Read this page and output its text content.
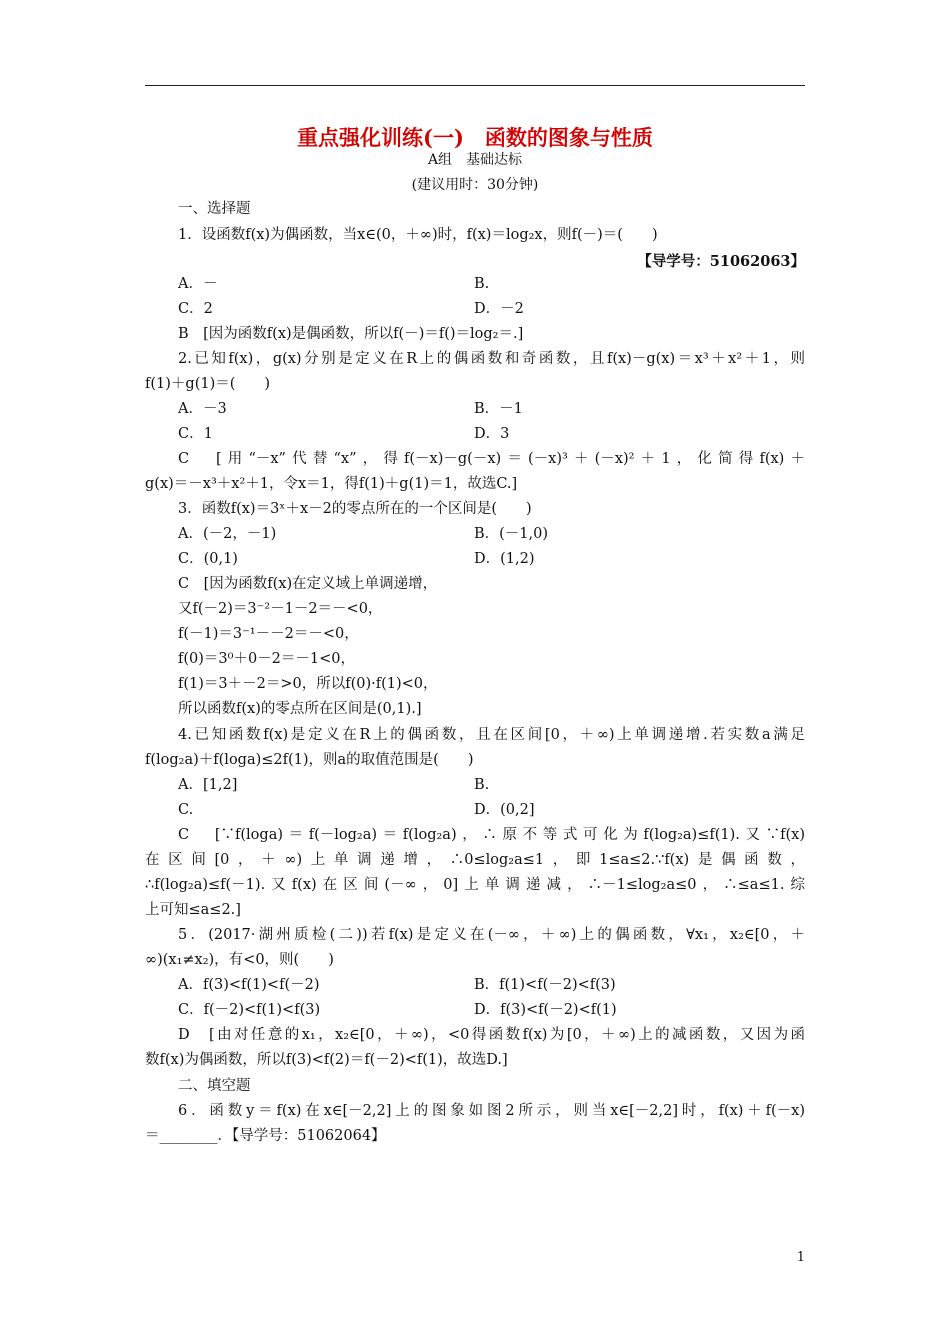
重点强化训练(一)　函数的图象与性质
A组　基础达标
(建议用时：30分钟)
一、选择题
1．设函数f(x)为偶函数，当x∈(0，＋∞)时，f(x)＝log₂x，则f(－)＝(　　)
【导学号：51062063】
A．－	B.
C．2	D．－2
B　[因为函数f(x)是偶函数，所以f(－)＝f()＝log₂＝.]
2.已知f(x)，g(x)分别是定义在R上的偶函数和奇函数，且f(x)－g(x)＝x³＋x²＋1，则
f(1)＋g(1)＝(　　)
A．－3	B．－1
C．1	D．3
C　[用“－x”代替“x”，得f(－x)－g(－x)＝(－x)³＋(－x)²＋1，化简得f(x)＋
g(x)＝－x³＋x²＋1，令x＝1，得f(1)＋g(1)＝1，故选C.]
3．函数f(x)＝3ˣ＋x－2的零点所在的一个区间是(　　)
A．(－2，－1)	B．(－1,0)
C．(0,1)	D．(1,2)
C　[因为函数f(x)在定义域上单调递增，
又f(－2)＝3⁻²－1－2＝－<0，
f(－1)＝3⁻¹－－2＝－<0，
f(0)＝3⁰＋0－2＝－1<0，
f(1)＝3＋－2＝>0，所以f(0)·f(1)<0，
所以函数f(x)的零点所在区间是(0,1).]
4.已知函数f(x)是定义在R上的偶函数，且在区间[0，＋∞)上单调递增.若实数a满足
f(log₂a)＋f(loga)≤2f(1)，则a的取值范围是(　　)
A．[1,2]	B.
C.	D．(0,2]
C　[∵f(loga)＝f(－log₂a)＝f(log₂a)，∴原不等式可化为f(log₂a)≤f(1).又∵f(x)
在区间[0，＋∞)上单调递增，∴0≤log₂a≤1，即1≤a≤2.∵f(x)是偶函数，
∴f(log₂a)≤f(－1).又f(x)在区间(－∞，0]上单调递减，∴－1≤log₂a≤0，∴≤a≤1.综
上可知≤a≤2.]
5．(2017·湖州质检(二))若f(x)是定义在(－∞，＋∞)上的偶函数，∀x₁，x₂∈[0，＋
∞)(x₁≠x₂)，有<0，则(　　)
A．f(3)<f(1)<f(－2)	B．f(1)<f(－2)<f(3)
C．f(－2)<f(1)<f(3)	D．f(3)<f(－2)<f(1)
D　[由对任意的x₁，x₂∈[0，＋∞)，<0得函数f(x)为[0，＋∞)上的减函数，又因为函
数f(x)为偶函数，所以f(3)<f(2)＝f(－2)<f(1)，故选D.]
二、填空题
6．函数y＝f(x)在x∈[－2,2]上的图象如图2所示，则当x∈[－2,2]时，f(x)＋f(－x)
＝________．【导学号：51062064】
1
